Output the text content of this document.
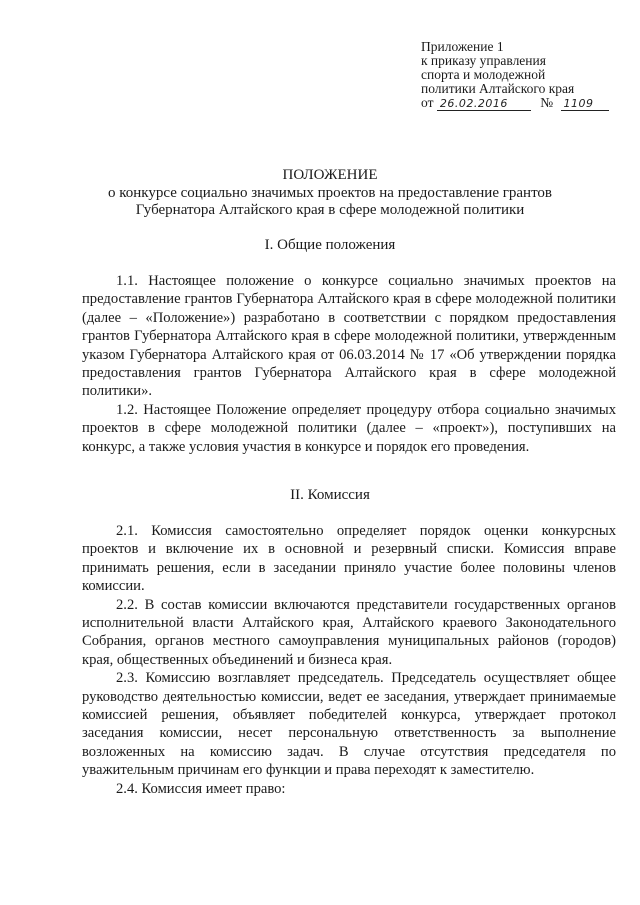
Приложение 1
к приказу управления
спорта и молодежной
политики Алтайского края
от 26.02.2016 № 1109
ПОЛОЖЕНИЕ
о конкурсе социально значимых проектов на предоставление грантов
Губернатора Алтайского края в сфере молодежной политики
I. Общие положения

1.1. Настоящее положение о конкурсе социально значимых проектов на предоставление грантов Губернатора Алтайского края в сфере молодежной политики (далее – «Положение») разработано в соответствии с порядком предоставления грантов Губернатора Алтайского края в сфере молодежной политики, утвержденным указом Губернатора Алтайского края от 06.03.2014 № 17 «Об утверждении порядка предоставления грантов Губернатора Алтайского края в сфере молодежной политики».

1.2. Настоящее Положение определяет процедуру отбора социально значимых проектов в сфере молодежной политики (далее – «проект»), поступивших на конкурс, а также условия участия в конкурсе и порядок его проведения.

II. Комиссия

2.1. Комиссия самостоятельно определяет порядок оценки конкурсных проектов и включение их в основной и резервный списки. Комиссия вправе принимать решения, если в заседании приняло участие более половины членов комиссии.

2.2. В состав комиссии включаются представители государственных органов исполнительной власти Алтайского края, Алтайского краевого Законодательного Собрания, органов местного самоуправления муниципальных районов (городов) края, общественных объединений и бизнеса края.

2.3. Комиссию возглавляет председатель. Председатель осуществляет общее руководство деятельностью комиссии, ведет ее заседания, утверждает принимаемые комиссией решения, объявляет победителей конкурса, утверждает протокол заседания комиссии, несет персональную ответственность за выполнение возложенных на комиссию задач. В случае отсутствия председателя по уважительным причинам его функции и права переходят к заместителю.

2.4. Комиссия имеет право:
